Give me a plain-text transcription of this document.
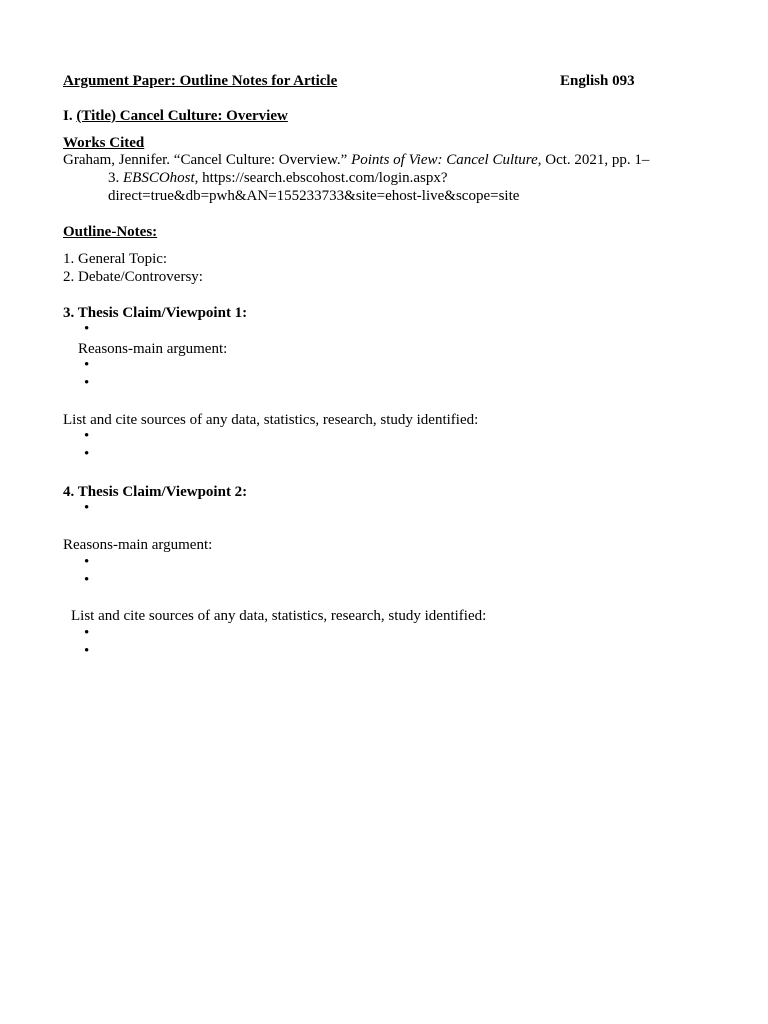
Argument Paper: Outline Notes for Article	English 093
I. (Title) Cancel Culture: Overview
Works Cited
Graham, Jennifer. “Cancel Culture: Overview.” Points of View: Cancel Culture, Oct. 2021, pp. 1–
3. EBSCOhost, https://search.ebscohost.com/login.aspx?
direct=true&db=pwh&AN=155233733&site=ehost-live&scope=site
Outline-Notes:
1. General Topic:
2. Debate/Controversy:
3. Thesis Claim/Viewpoint 1:
•
Reasons-main argument:
•
•
List and cite sources of any data, statistics, research, study identified:
•
•
4. Thesis Claim/Viewpoint 2:
•
Reasons-main argument:
•
•
List and cite sources of any data, statistics, research, study identified:
•
•
